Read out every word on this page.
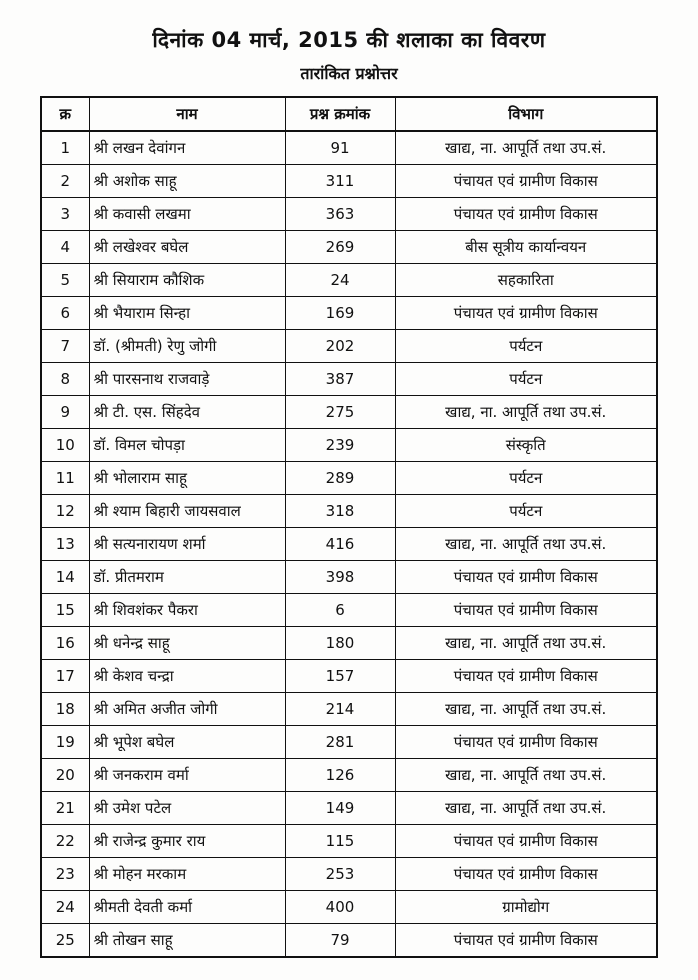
दिनांक 04 मार्च, 2015 की शलाका का विवरण
तारांकित प्रश्नोत्तर
क्र	नाम	प्रश्न क्रमांक	विभाग
1	श्री लखन देवांगन	91	खाद्य, ना. आपूर्ति तथा उप.सं.
2	श्री अशोक साहू	311	पंचायत एवं ग्रामीण विकास
3	श्री कवासी लखमा	363	पंचायत एवं ग्रामीण विकास
4	श्री लखेश्वर बघेल	269	बीस सूत्रीय कार्यान्वयन
5	श्री सियाराम कौशिक	24	सहकारिता
6	श्री भैयाराम सिन्हा	169	पंचायत एवं ग्रामीण विकास
7	डॉ. (श्रीमती) रेणु जोगी	202	पर्यटन
8	श्री पारसनाथ राजवाड़े	387	पर्यटन
9	श्री टी. एस. सिंहदेव	275	खाद्य, ना. आपूर्ति तथा उप.सं.
10	डॉ. विमल चोपड़ा	239	संस्कृति
11	श्री भोलाराम साहू	289	पर्यटन
12	श्री श्याम बिहारी जायसवाल	318	पर्यटन
13	श्री सत्यनारायण शर्मा	416	खाद्य, ना. आपूर्ति तथा उप.सं.
14	डॉ. प्रीतमराम	398	पंचायत एवं ग्रामीण विकास
15	श्री शिवशंकर पैकरा	6	पंचायत एवं ग्रामीण विकास
16	श्री धनेन्द्र साहू	180	खाद्य, ना. आपूर्ति तथा उप.सं.
17	श्री केशव चन्द्रा	157	पंचायत एवं ग्रामीण विकास
18	श्री अमित अजीत जोगी	214	खाद्य, ना. आपूर्ति तथा उप.सं.
19	श्री भूपेश बघेल	281	पंचायत एवं ग्रामीण विकास
20	श्री जनकराम वर्मा	126	खाद्य, ना. आपूर्ति तथा उप.सं.
21	श्री उमेश पटेल	149	खाद्य, ना. आपूर्ति तथा उप.सं.
22	श्री राजेन्द्र कुमार राय	115	पंचायत एवं ग्रामीण विकास
23	श्री मोहन मरकाम	253	पंचायत एवं ग्रामीण विकास
24	श्रीमती देवती कर्मा	400	ग्रामोद्योग
25	श्री तोखन साहू	79	पंचायत एवं ग्रामीण विकास
